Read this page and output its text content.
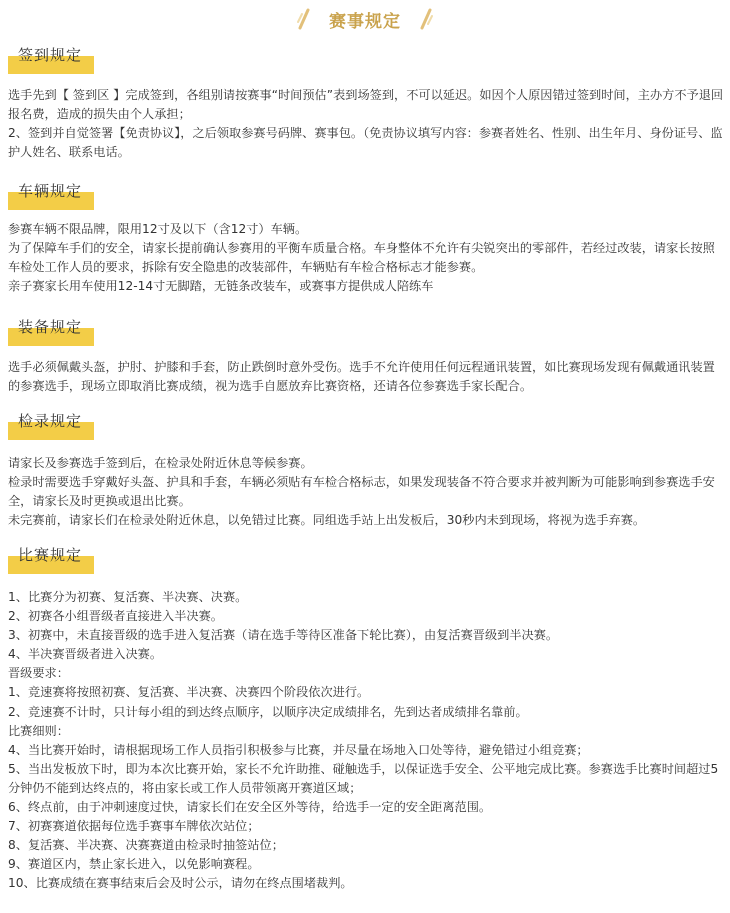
赛事规定
签到规定

选手先到【 签到区 】完成签到，各组别请按赛事“时间预估”表到场签到，不可以延迟。如因个人原因错过签到时间，主办方不予退回报名费，造成的损失由个人承担；

2、签到并自觉签署【免责协议】，之后领取参赛号码牌、赛事包。（免责协议填写内容：参赛者姓名、性别、出生年月、身份证号、监护人姓名、联系电话。

车辆规定

参赛车辆不限品牌，限用12寸及以下（含12寸）车辆。

为了保障车手们的安全，请家长提前确认参赛用的平衡车质量合格。车身整体不允许有尖锐突出的零部件，若经过改装，请家长按照车检处工作人员的要求，拆除有安全隐患的改装部件，车辆贴有车检合格标志才能参赛。

亲子赛家长用车使用12-14寸无脚踏，无链条改装车，或赛事方提供成人陪练车

装备规定

选手必须佩戴头盔，护肘、护膝和手套，防止跌倒时意外受伤。选手不允许使用任何远程通讯装置，如比赛现场发现有佩戴通讯装置的参赛选手，现场立即取消比赛成绩，视为选手自愿放弃比赛资格，还请各位参赛选手家长配合。

检录规定

请家长及参赛选手签到后，在检录处附近休息等候参赛。

检录时需要选手穿戴好头盔、护具和手套，车辆必须贴有车检合格标志，如果发现装备不符合要求并被判断为可能影响到参赛选手安全，请家长及时更换或退出比赛。

未完赛前，请家长们在检录处附近休息，以免错过比赛。同组选手站上出发板后，30秒内未到现场，将视为选手弃赛。

比赛规定

1、比赛分为初赛、复活赛、半决赛、决赛。

2、初赛各小组晋级者直接进入半决赛。

3、初赛中，未直接晋级的选手进入复活赛（请在选手等待区准备下轮比赛），由复活赛晋级到半决赛。

4、半决赛晋级者进入决赛。

晋级要求：

1、竞速赛将按照初赛、复活赛、半决赛、决赛四个阶段依次进行。

2、竞速赛不计时，只计每小组的到达终点顺序，以顺序决定成绩排名，先到达者成绩排名靠前。

比赛细则：

4、当比赛开始时，请根据现场工作人员指引积极参与比赛，并尽量在场地入口处等待，避免错过小组竞赛；

5、当出发板放下时，即为本次比赛开始，家长不允许助推、碰触选手，以保证选手安全、公平地完成比赛。参赛选手比赛时间超过5分钟仍不能到达终点的，将由家长或工作人员带领离开赛道区域；

6、终点前，由于冲刺速度过快，请家长们在安全区外等待，给选手一定的安全距离范围。

7、初赛赛道依据每位选手赛事车牌依次站位；

8、复活赛、半决赛、决赛赛道由检录时抽签站位；

9、赛道区内，禁止家长进入，以免影响赛程。

10、比赛成绩在赛事结束后会及时公示，请勿在终点围堵裁判。
